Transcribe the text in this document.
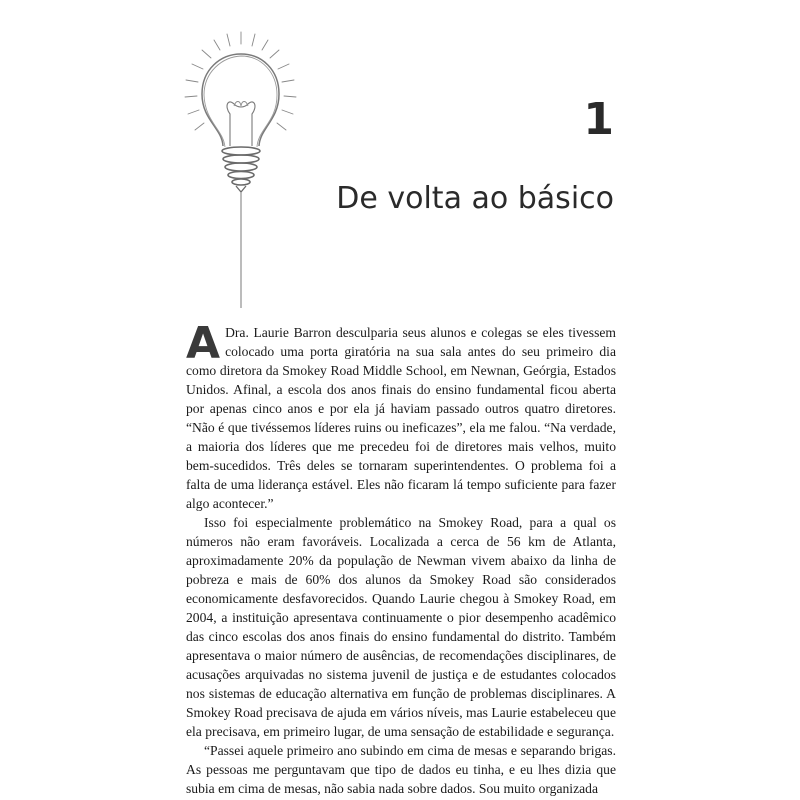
1
De volta ao básico

A Dra. Laurie Barron desculparia seus alunos e colegas se eles tivessem colocado uma porta giratória na sua sala antes do seu primeiro dia como diretora da Smokey Road Middle School, em Newnan, Geórgia, Estados Unidos. Afinal, a escola dos anos finais do ensino fundamental ficou aberta por apenas cinco anos e por ela já haviam passado outros quatro diretores. “Não é que tivéssemos líderes ruins ou ineficazes”, ela me falou. “Na verdade, a maioria dos líderes que me precedeu foi de diretores mais velhos, muito bem-sucedidos. Três deles se tornaram superintendentes. O problema foi a falta de uma liderança estável. Eles não ficaram lá tempo suficiente para fazer algo acontecer.”

Isso foi especialmente problemático na Smokey Road, para a qual os números não eram favoráveis. Localizada a cerca de 56 km de Atlanta, aproximadamente 20% da população de Newman vivem abaixo da linha de pobreza e mais de 60% dos alunos da Smokey Road são considerados economicamente desfavorecidos. Quando Laurie chegou à Smokey Road, em 2004, a instituição apresentava continuamente o pior desempenho acadêmico das cinco escolas dos anos finais do ensino fundamental do distrito. Também apresentava o maior número de ausências, de recomendações disciplinares, de acusações arquivadas no sistema juvenil de justiça e de estudantes colocados nos sistemas de educação alternativa em função de problemas disciplinares. A Smokey Road precisava de ajuda em vários níveis, mas Laurie estabeleceu que ela precisava, em primeiro lugar, de uma sensação de estabilidade e segurança.

“Passei aquele primeiro ano subindo em cima de mesas e separando brigas. As pessoas me perguntavam que tipo de dados eu tinha, e eu lhes dizia que subia em cima de mesas, não sabia nada sobre dados. Sou muito organizada
